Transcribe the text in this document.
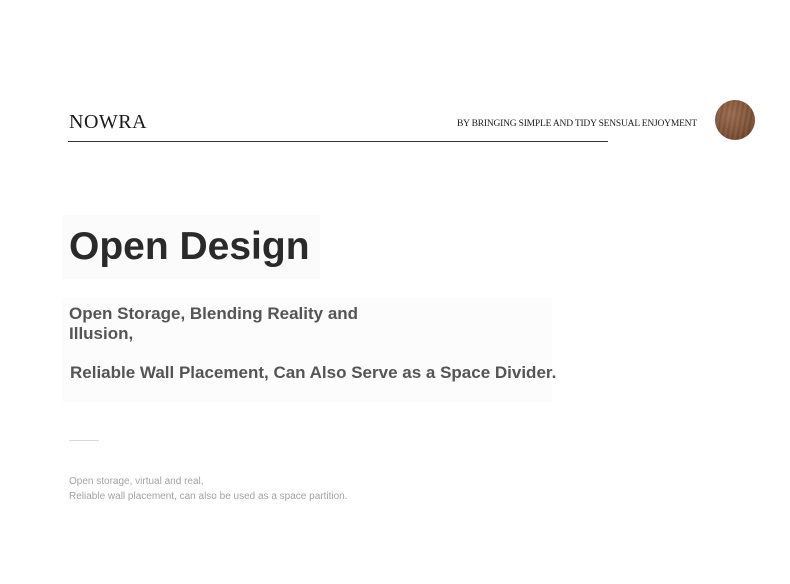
NOWRA	BY BRINGING SIMPLE AND TIDY SENSUAL ENJOYMENT
Open Design
Open Storage, Blending Reality and Illusion,
Reliable Wall Placement, Can Also Serve as a Space Divider.
Open storage, virtual and real,
Reliable wall placement, can also be used as a space partition.
